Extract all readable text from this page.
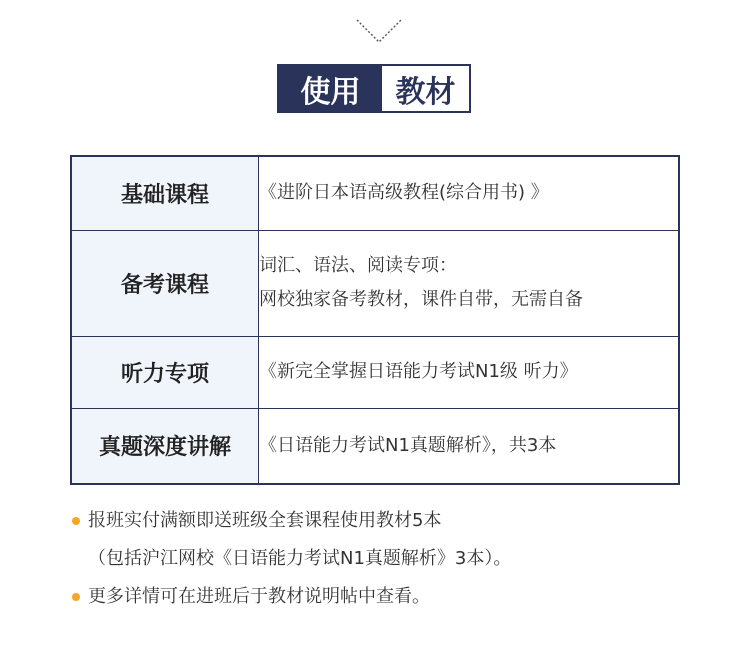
使用	教材
基础课程	《进阶日本语高级教程(综合用书) 》
备考课程	词汇、语法、阅读专项：
网校独家备考教材，课件自带，无需自备

听力专项	《新完全掌握日语能力考试N1级 听力》
真题深度讲解	《日语能力考试N1真题解析》，共3本
报班实付满额即送班级全套课程使用教材5本
（包括沪江网校《日语能力考试N1真题解析》3本）。
更多详情可在进班后于教材说明帖中查看。
